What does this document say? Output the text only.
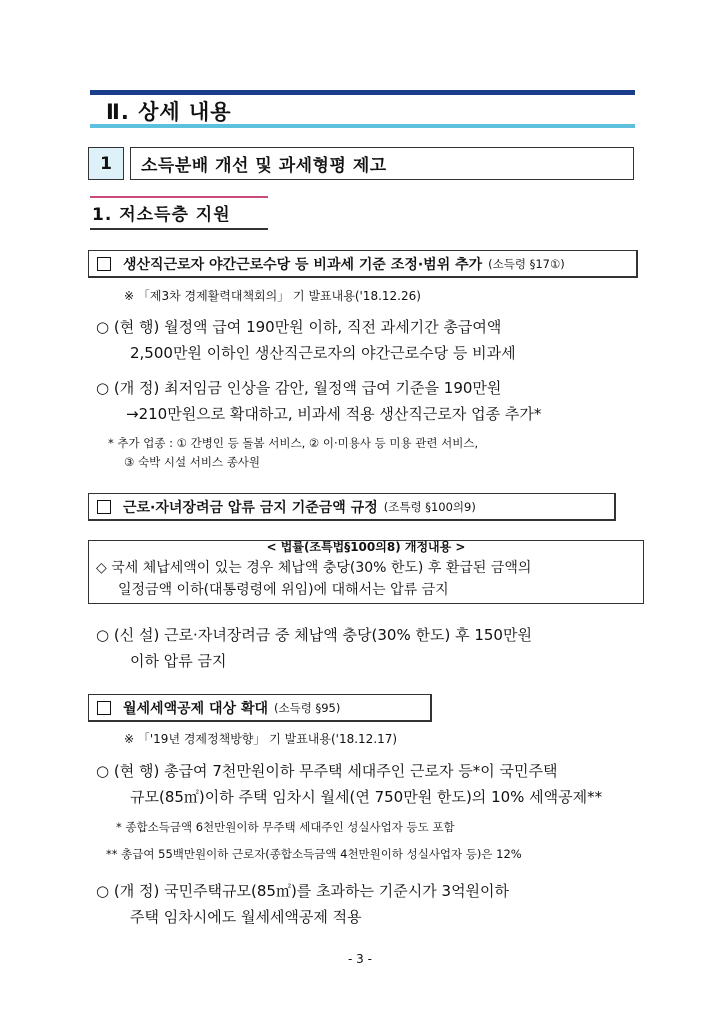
Ⅱ. 상세 내용
1	소득분배 개선 및 과세형평 제고
1. 저소득층 지원
생산직근로자 야간근로수당 등 비과세 기준 조정·범위 추가 (소득령 §17①)
※ 「제3차 경제활력대책회의」 기 발표내용('18.12.26)
○ (현 행) 월정액 급여 190만원 이하, 직전 과세기간 총급여액
2,500만원 이하인 생산직근로자의 야간근로수당 등 비과세
○ (개 정) 최저임금 인상을 감안, 월정액 급여 기준을 190만원
→210만원으로 확대하고, 비과세 적용 생산직근로자 업종 추가*
* 추가 업종 : ① 간병인 등 돌봄 서비스, ② 이·미용사 등 미용 관련 서비스,
③ 숙박 시설 서비스 종사원
근로·자녀장려금 압류 금지 기준금액 규정 (조특령 §100의9)
< 법률(조특법§100의8) 개정내용 >
◇ 국세 체납세액이 있는 경우 체납액 충당(30% 한도) 후 환급된 금액의
일정금액 이하(대통령령에 위임)에 대해서는 압류 금지
○ (신 설) 근로·자녀장려금 중 체납액 충당(30% 한도) 후 150만원
이하 압류 금지
월세세액공제 대상 확대 (소득령 §95)
※ 「'19년 경제정책방향」 기 발표내용('18.12.17)
○ (현 행) 총급여 7천만원이하 무주택 세대주인 근로자 등*이 국민주택
규모(85㎡)이하 주택 임차시 월세(연 750만원 한도)의 10% 세액공제**
* 종합소득금액 6천만원이하 무주택 세대주인 성실사업자 등도 포함
** 총급여 55백만원이하 근로자(종합소득금액 4천만원이하 성실사업자 등)은 12%
○ (개 정) 국민주택규모(85㎡)를 초과하는 기준시가 3억원이하
주택 임차시에도 월세세액공제 적용
- 3 -
